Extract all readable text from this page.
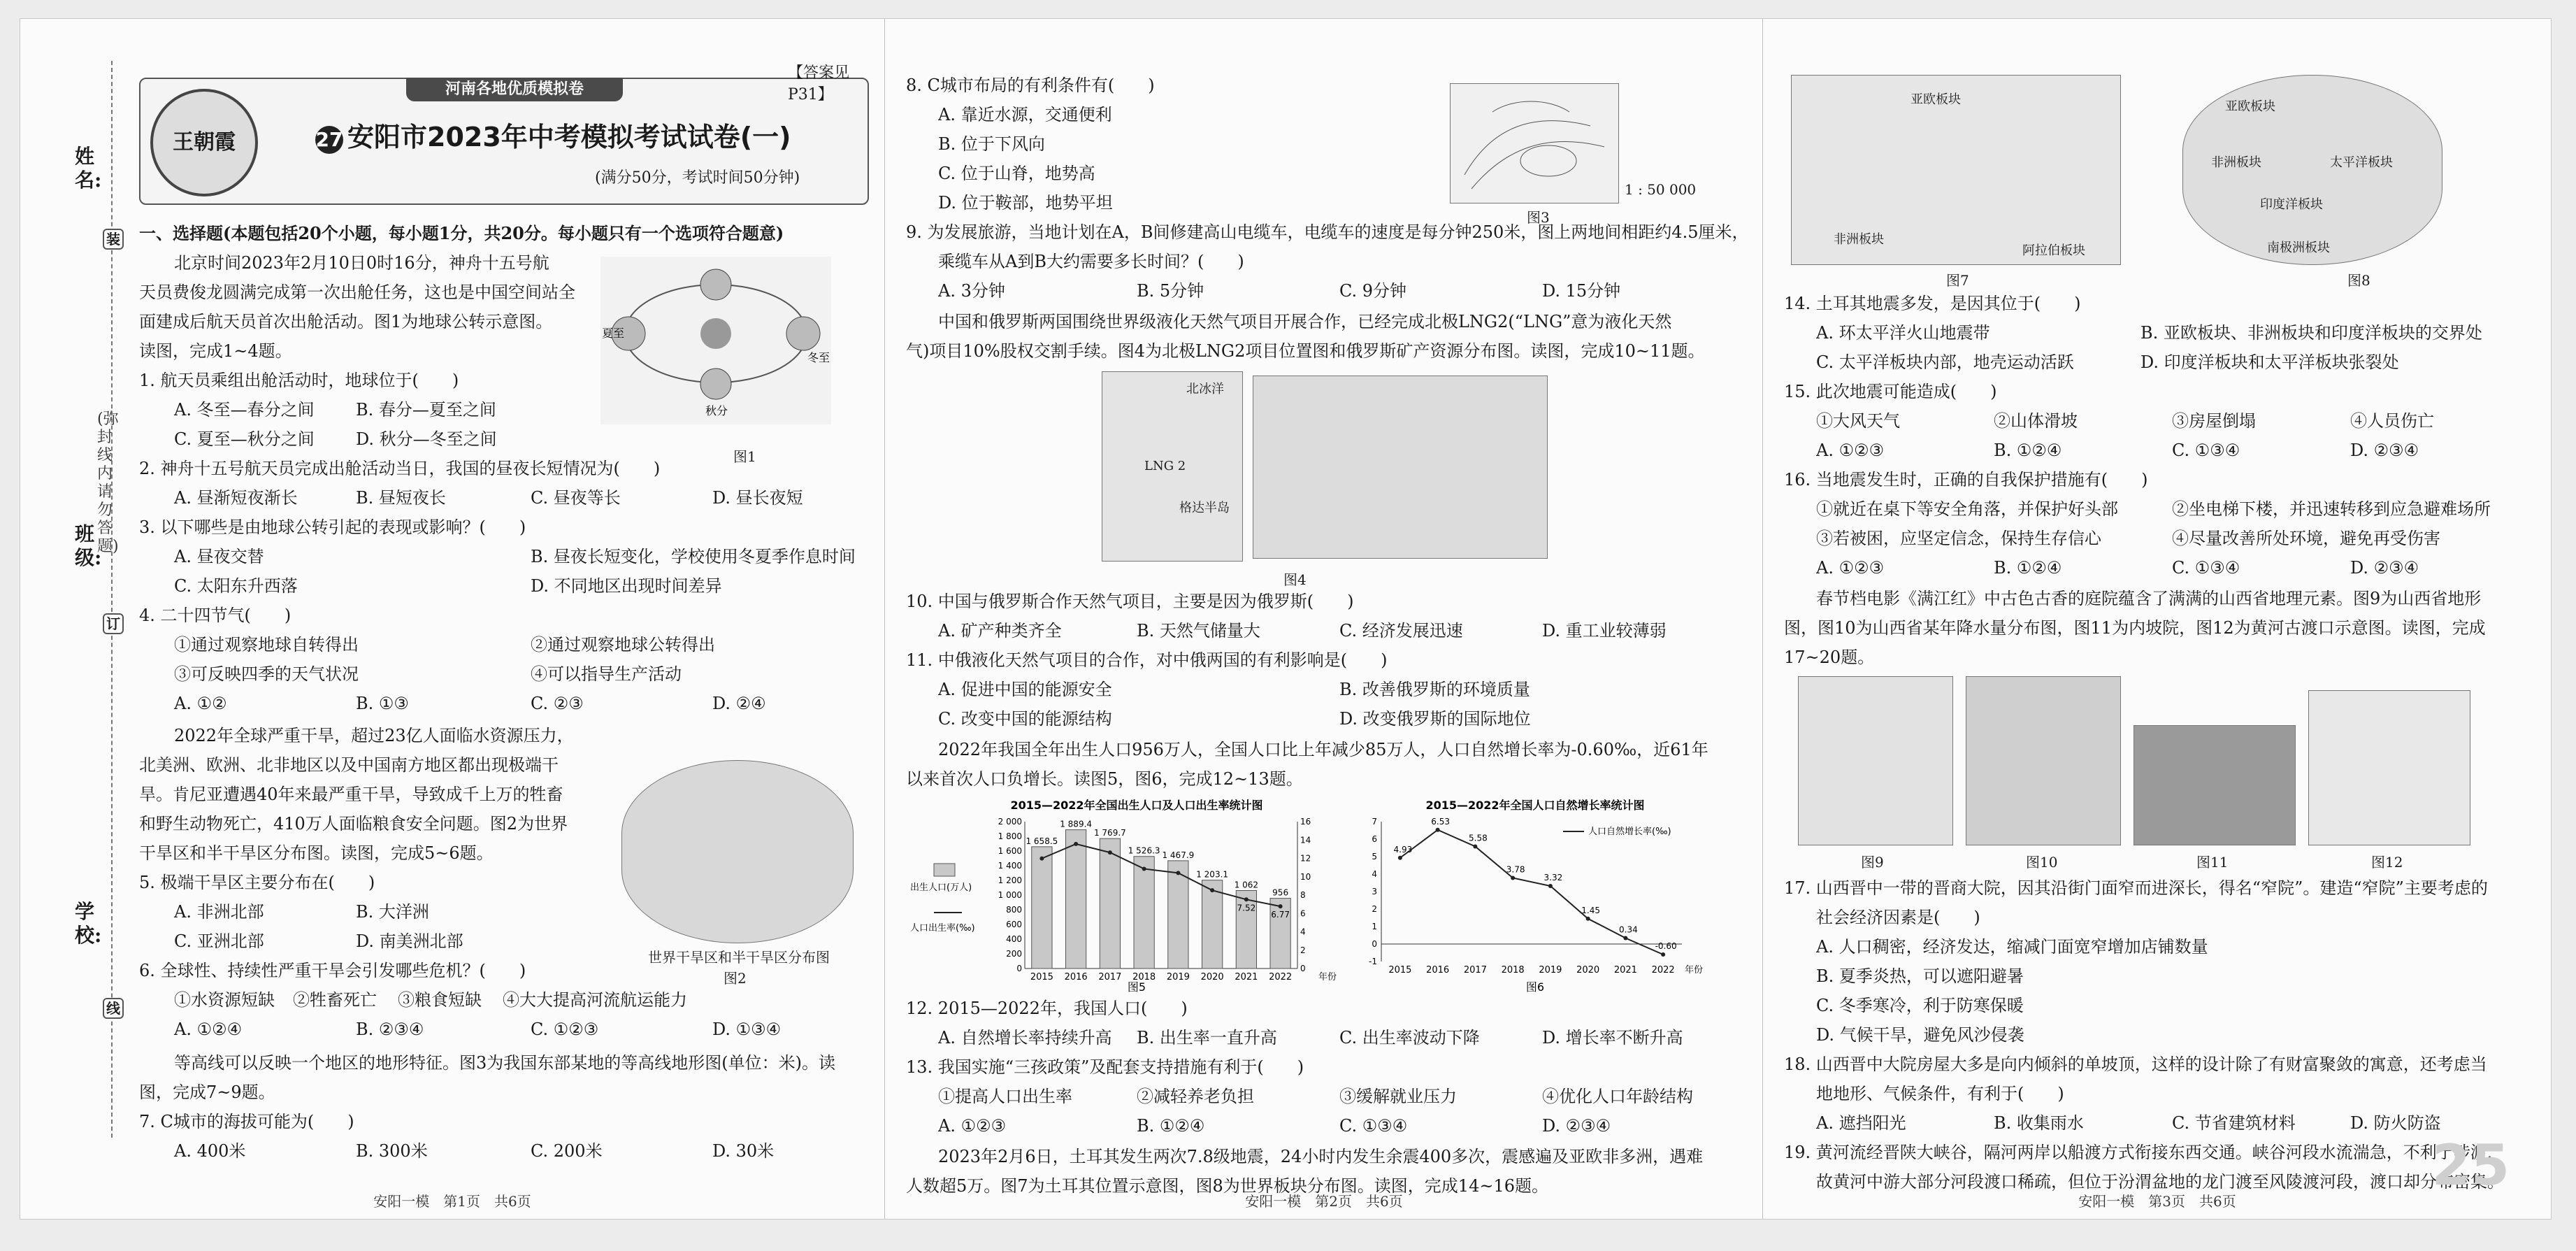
姓名:
班级:
学校:
(弥封线内请勿答题)
装
订
线
河南各地优质模拟卷
王朝霞	27 安阳市2023年中考模拟考试试卷(一)
(满分50分，考试时间50分钟)
【答案见P31】
一、选择题(本题包括20个小题，每小题1分，共20分。每小题只有一个选项符合题意)
北京时间2023年2月10日0时16分，神舟十五号航
天员费俊龙圆满完成第一次出舱任务，这也是中国空间站全
面建成后航天员首次出舱活动。图1为地球公转示意图。
读图，完成1~4题。
夏至
冬至
秋分
图1
1. 航天员乘组出舱活动时，地球位于(　　)
A. 冬至—春分之间 B. 春分—夏至之间
C. 夏至—秋分之间 D. 秋分—冬至之间
2. 神舟十五号航天员完成出舱活动当日，我国的昼夜长短情况为(　　)
A. 昼渐短夜渐长	B. 昼短夜长	C. 昼夜等长	D. 昼长夜短
3. 以下哪些是由地球公转引起的表现或影响？(　　)
A. 昼夜交替	B. 昼夜长短变化，学校使用冬夏季作息时间
C. 太阳东升西落	D. 不同地区出现时间差异
4. 二十四节气(　　)
①通过观察地球自转得出	②通过观察地球公转得出
③可反映四季的天气状况	④可以指导生产活动
A. ①②	B. ①③	C. ②③	D. ②④
2022年全球严重干旱，超过23亿人面临水资源压力，
北美洲、欧洲、北非地区以及中国南方地区都出现极端干
旱。肯尼亚遭遇40年来最严重干旱，导致成千上万的牲畜
和野生动物死亡，410万人面临粮食安全问题。图2为世界
干旱区和半干旱区分布图。读图，完成5~6题。
世界干旱区和半干旱区分布图
图2
5. 极端干旱区主要分布在(　　)
A. 非洲北部	B. 大洋洲
C. 亚洲北部	D. 南美洲北部
6. 全球性、持续性严重干旱会引发哪些危机？(　　)
①水资源短缺 ②牲畜死亡 ③粮食短缺 ④大大提高河流航运能力
A. ①②④	B. ②③④	C. ①②③	D. ①③④
等高线可以反映一个地区的地形特征。图3为我国东部某地的等高线地形图(单位：米)。读
图，完成7~9题。
7. C城市的海拔可能为(　　)
A. 400米	B. 300米	C. 200米	D. 30米
安阳一模　第1页　共6页
8. C城市布局的有利条件有(　　)
A. 靠近水源，交通便利
B. 位于下风向
C. 位于山脊，地势高
D. 位于鞍部，地势平坦
1 : 50 000
图3
9. 为发展旅游，当地计划在A，B间修建高山电缆车，电缆车的速度是每分钟250米，图上两地间相距约4.5厘米，
乘缆车从A到B大约需要多长时间？(　　)
A. 3分钟	B. 5分钟	C. 9分钟	D. 15分钟
中国和俄罗斯两国围绕世界级液化天然气项目开展合作，已经完成北极LNG2(“LNG”意为液化天然
气)项目10%股权交割手续。图4为北极LNG2项目位置图和俄罗斯矿产资源分布图。读图，完成10~11题。
北冰洋
LNG 2
格达半岛
图4
10. 中国与俄罗斯合作天然气项目，主要是因为俄罗斯(　　)
A. 矿产种类齐全	B. 天然气储量大	C. 经济发展迅速	D. 重工业较薄弱
11. 中俄液化天然气项目的合作，对中俄两国的有利影响是(　　)
A. 促进中国的能源安全	B. 改善俄罗斯的环境质量
C. 改变中国的能源结构	D. 改变俄罗斯的国际地位
2022年我国全年出生人口956万人，全国人口比上年减少85万人，人口自然增长率为-0.60‰，近61年
以来首次人口负增长。读图5，图6，完成12~13题。
2015—2022年全国出生人口及人口出生率统计图
0
200
400
600
800
1 000
1 200
1 400
1 600
1 800
2 000
0
2
4
6
8
10
12
14
16
2015 2016 2017 2018 2019 2020 2021 2022
1 658.5
1 889.4
1 769.7
1 526.3 1 467.9
1 203.1
1 062
956
7.52
6.77
年份
出生人口(万人)
人口出生率(‰)
图5
2015—2022年全国人口自然增长率统计图
-1
0
1
2
3
4
5
6
7
4.93
2015
6.53
2016
5.58
2017
3.78
2018
3.32
2019
1.45
2020
0.34
2021
-0.60
2022 年份
人口自然增长率(‰)
图6
12. 2015—2022年，我国人口(　　)
A. 自然增长率持续升高 B. 出生率一直升高	C. 出生率波动下降	D. 增长率不断升高
13. 我国实施“三孩政策”及配套支持措施有利于(　　)
①提高人口出生率	②减轻养老负担	③缓解就业压力	④优化人口年龄结构
A. ①②③	B. ①②④	C. ①③④	D. ②③④
2023年2月6日，土耳其发生两次7.8级地震，24小时内发生余震400多次，震感遍及亚欧非多洲，遇难
人数超5万。图7为土耳其位置示意图，图8为世界板块分布图。读图，完成14~16题。
安阳一模　第2页　共6页
亚欧板块
非洲板块
阿拉伯板块
图7
亚欧板块
非洲板块
印度洋板块
太平洋板块
南极洲板块
图8
14. 土耳其地震多发，是因其位于(　　)
A. 环太平洋火山地震带	B. 亚欧板块、非洲板块和印度洋板块的交界处
C. 太平洋板块内部，地壳运动活跃	D. 印度洋板块和太平洋板块张裂处
15. 此次地震可能造成(　　)
①大风天气	②山体滑坡	③房屋倒塌	④人员伤亡
A. ①②③	B. ①②④	C. ①③④	D. ②③④
16. 当地震发生时，正确的自我保护措施有(　　)
①就近在桌下等安全角落，并保护好头部	②坐电梯下楼，并迅速转移到应急避难场所
③若被困，应坚定信念，保持生存信心	④尽量改善所处环境，避免再受伤害
A. ①②③	B. ①②④	C. ①③④	D. ②③④
春节档电影《满江红》中古色古香的庭院蕴含了满满的山西省地理元素。图9为山西省地形
图，图10为山西省某年降水量分布图，图11为内坡院，图12为黄河古渡口示意图。读图，完成
17~20题。
图9	图10	图11	图12
17. 山西晋中一带的晋商大院，因其沿街门面窄而进深长，得名“窄院”。建造“窄院”主要考虑的
社会经济因素是(　　)
A. 人口稠密，经济发达，缩减门面宽窄增加店铺数量
B. 夏季炎热，可以遮阳避暑
C. 冬季寒冷，利于防寒保暖
D. 气候干旱，避免风沙侵袭
18. 山西晋中大院房屋大多是向内倾斜的单坡顶，这样的设计除了有财富聚敛的寓意，还考虑当
地地形、气候条件，有利于(　　)
A. 遮挡阳光	B. 收集雨水	C. 节省建筑材料	D. 防火防盗
19. 黄河流经晋陕大峡谷，隔河两岸以船渡方式衔接东西交通。峡谷河段水流湍急，不利于涉渡，
故黄河中游大部分河段渡口稀疏，但位于汾渭盆地的龙门渡至风陵渡河段，渡口却分布密集。
安阳一模　第3页　共6页
25
